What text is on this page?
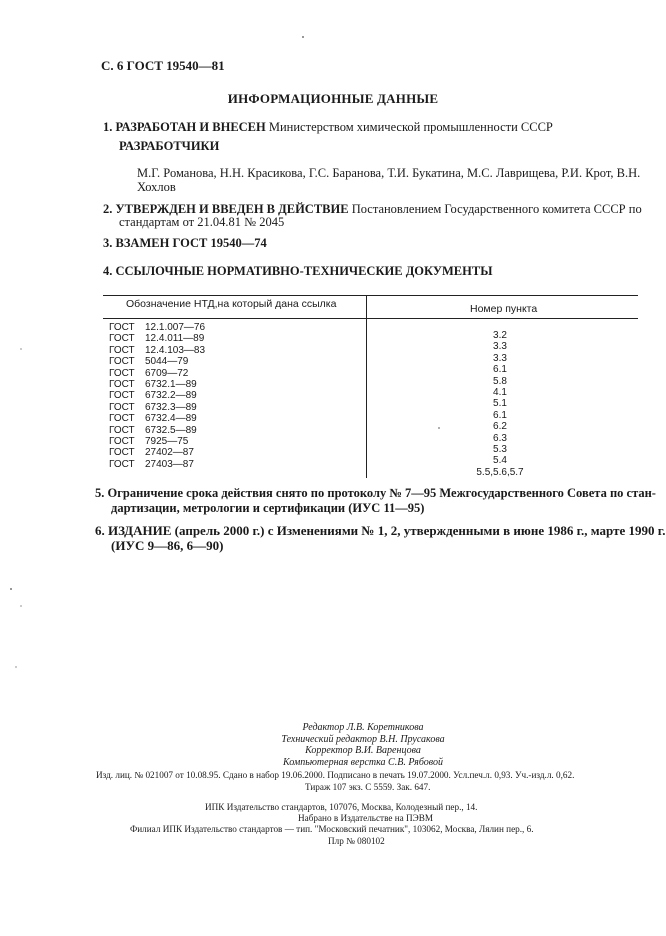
С. 6 ГОСТ 19540—81
ИНФОРМАЦИОННЫЕ ДАННЫЕ
1. РАЗРАБОТАН И ВНЕСЕН Министерством химической промышленности СССР
РАЗРАБОТЧИКИ
М.Г. Романова, Н.Н. Красикова, Г.С. Баранова, Т.И. Букатина, М.С. Лаврищева, Р.И. Крот, В.Н. Хохлов
2. УТВЕРЖДЕН И ВВЕДЕН В ДЕЙСТВИЕ Постановлением Государственного комитета СССР по
стандартам от 21.04.81 № 2045
3. ВЗАМЕН ГОСТ 19540—74
4. ССЫЛОЧНЫЕ НОРМАТИВНО-ТЕХНИЧЕСКИЕ ДОКУМЕНТЫ
Обозначение НТД,на который дана ссылка	Номер пункта
ГОСТ 12.1.007—76
ГОСТ 12.4.011—89
ГОСТ 12.4.103—83
ГОСТ 5044—79
ГОСТ 6709—72
ГОСТ 6732.1—89
ГОСТ 6732.2—89
ГОСТ 6732.3—89
ГОСТ 6732.4—89
ГОСТ 6732.5—89
ГОСТ 7925—75
ГОСТ 27402—87
ГОСТ 27403—87
3.2
3.3
3.3
6.1
5.8
4.1
5.1
6.1
6.2
6.3
5.3
5.4
5.5,5.6,5.7
5. Ограничение срока действия снято по протоколу № 7—95 Межгосударственного Совета по стан-
дартизации, метрологии и сертификации (ИУС 11—95)
6. ИЗДАНИЕ (апрель 2000 г.) с Изменениями № 1, 2, утвержденными в июне 1986 г., марте 1990 г.
(ИУС 9—86, 6—90)
Редактор Л.В. Коретникова
Технический редактор В.Н. Прусакова
Корректор В.И. Варенцова
Компьютерная верстка С.В. Рябовой
Изд. лиц. № 021007 от 10.08.95. Сдано в набор 19.06.2000. Подписано в печать 19.07.2000. Усл.печ.л. 0,93. Уч.-изд.л. 0,62.
Тираж 107 экз. С 5559. Зак. 647.
ИПК Издательство стандартов, 107076, Москва, Колодезный пер., 14.
Набрано в Издательстве на ПЭВМ
Филиал ИПК Издательство стандартов — тип. "Московский печатник", 103062, Москва, Лялин пер., 6.
Плр № 080102
